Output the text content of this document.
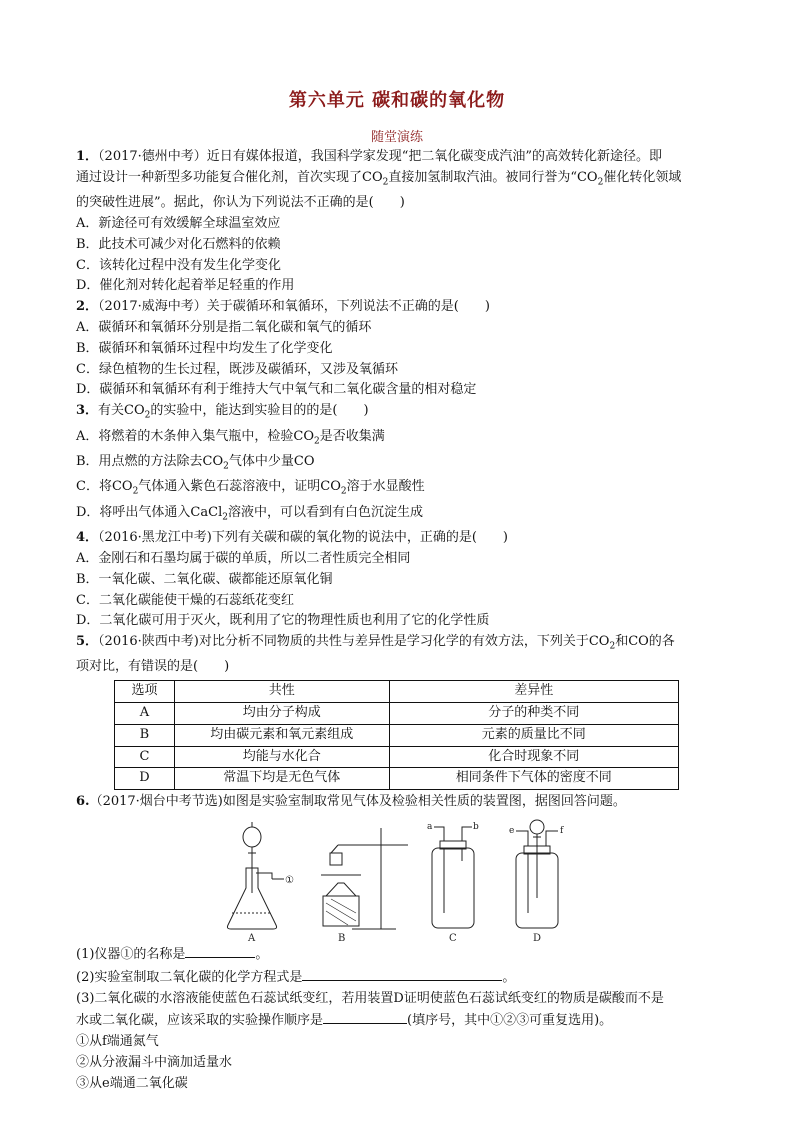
第六单元 碳和碳的氧化物
随堂演练
1．（2017·德州中考）近日有媒体报道，我国科学家发现“把二氧化碳变成汽油”的高效转化新途径。即
通过设计一种新型多功能复合催化剂，首次实现了$CO_2$直接加氢制取汽油。被同行誉为“$CO_2$催化转化领域
的突破性进展”。据此，你认为下列说法不正确的是(　　)
A．新途径可有效缓解全球温室效应
B．此技术可减少对化石燃料的依赖
C．该转化过程中没有发生化学变化
D．催化剂对转化起着举足轻重的作用
2．（2017·威海中考）关于碳循环和氧循环，下列说法不正确的是(　　)
A．碳循环和氧循环分别是指二氧化碳和氧气的循环
B．碳循环和氧循环过程中均发生了化学变化
C．绿色植物的生长过程，既涉及碳循环，又涉及氧循环
D．碳循环和氧循环有利于维持大气中氧气和二氧化碳含量的相对稳定
3．有关$CO_2$的实验中，能达到实验目的的是(　　)
A．将燃着的木条伸入集气瓶中，检验$CO_2$是否收集满
B．用点燃的方法除去$CO_2$气体中少量CO
C．将$CO_2$气体通入紫色石蕊溶液中，证明$CO_2$溶于水显酸性
D．将呼出气体通入CaCl$_2$溶液中，可以看到有白色沉淀生成
4．（2016·黑龙江中考)下列有关碳和碳的氧化物的说法中，正确的是(　　)
A．金刚石和石墨均属于碳的单质，所以二者性质完全相同
B．一氧化碳、二氧化碳、碳都能还原氧化铜
C．二氧化碳能使干燥的石蕊纸花变红
D．二氧化碳可用于灭火，既利用了它的物理性质也利用了它的化学性质
5．（2016·陕西中考)对比分析不同物质的共性与差异性是学习化学的有效方法，下列关于$CO_2$和CO的各
项对比，有错误的是(　　)
选项	共性	差异性
A	均由分子构成	分子的种类不同
B	均由碳元素和氧元素组成	元素的质量比不同
C	均能与水化合	化合时现象不同
D	常温下均是无色气体	相同条件下气体的密度不同
6.（2017·烟台中考节选)如图是实验室制取常见气体及检验相关性质的装置图，据图回答问题。
①
a	b	e	f
A	B	C	D
(1)仪器①的名称是	。
(2)实验室制取二氧化碳的化学方程式是	。
(3)二氧化碳的水溶液能使蓝色石蕊试纸变红，若用装置D证明使蓝色石蕊试纸变红的物质是碳酸而不是
水或二氧化碳，应该采取的实验操作顺序是	(填序号，其中①②③可重复选用)。
①从f端通氮气
②从分液漏斗中滴加适量水
③从e端通二氧化碳
